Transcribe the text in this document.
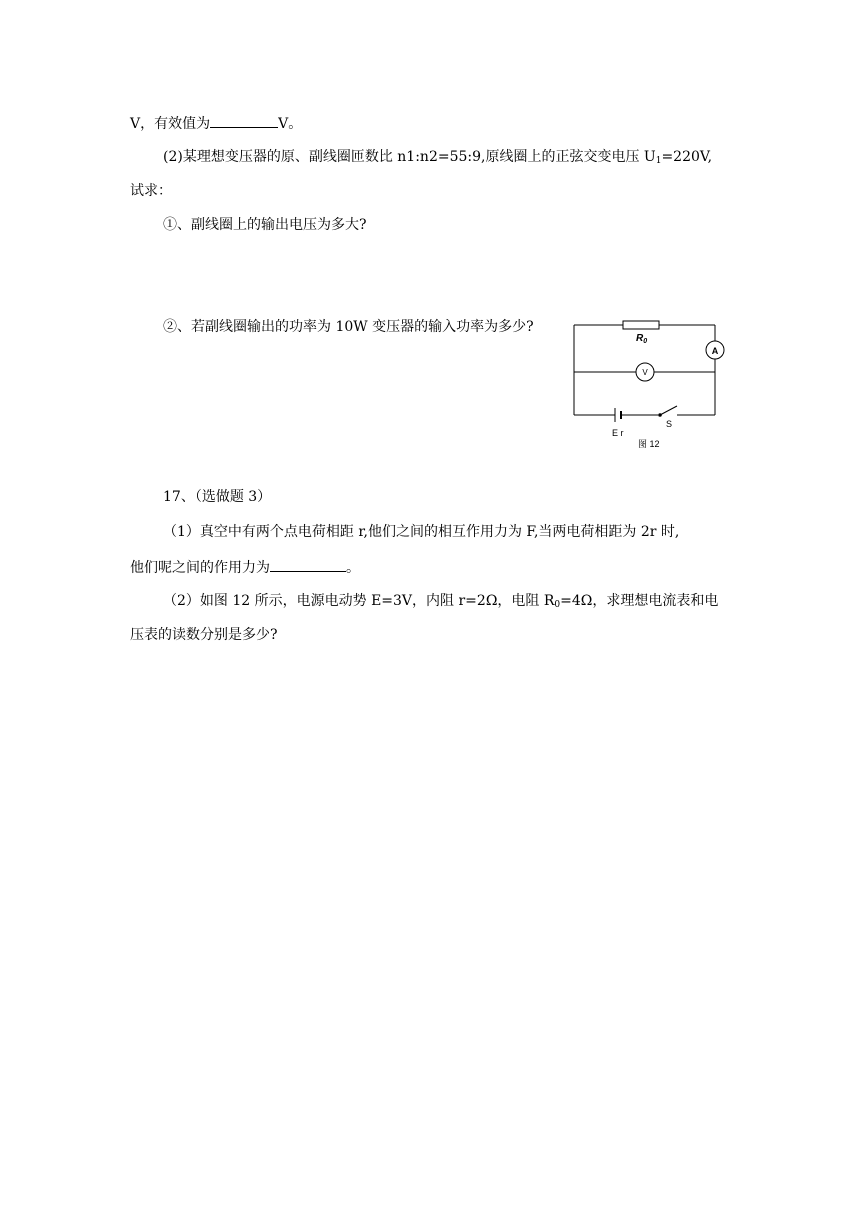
V，有效值为	V。
(2)某理想变压器的原、副线圈匝数比 n1:n2=55:9,原线圈上的正弦交变电压 $U_1=220V$,
试求：
①、副线圈上的输出电压为多大?
②、若副线圈输出的功率为 10W 变压器的输入功率为多少?
$R_0$
A
V
E r
S
图 12
17、（选做题 3）
（1）真空中有两个点电荷相距 r,他们之间的相互作用力为 F,当两电荷相距为 2r 时,
他们呢之间的作用力为	。
（2）如图 12 所示，电源电动势 E=3V，内阻 r=2Ω，电阻 $R_0=4\Omega$，求理想电流表和电
压表的读数分别是多少?
